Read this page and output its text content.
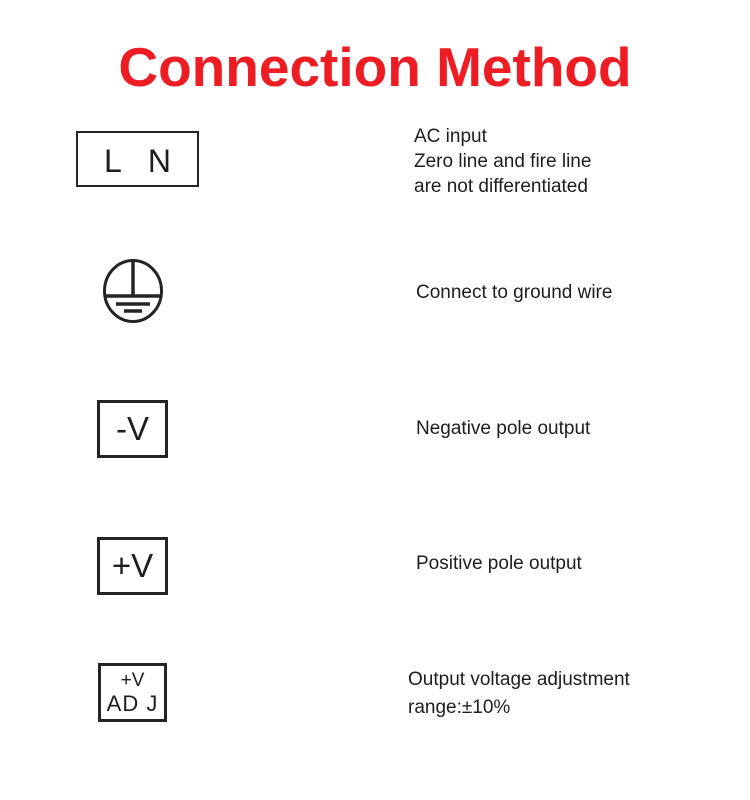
Connection Method
L N
AC input
Zero line and fire line
are not differentiated
Connect to ground wire
-V	Negative pole output
+V	Positive pole output
+V
AD J
Output voltage adjustment
range:±10%
